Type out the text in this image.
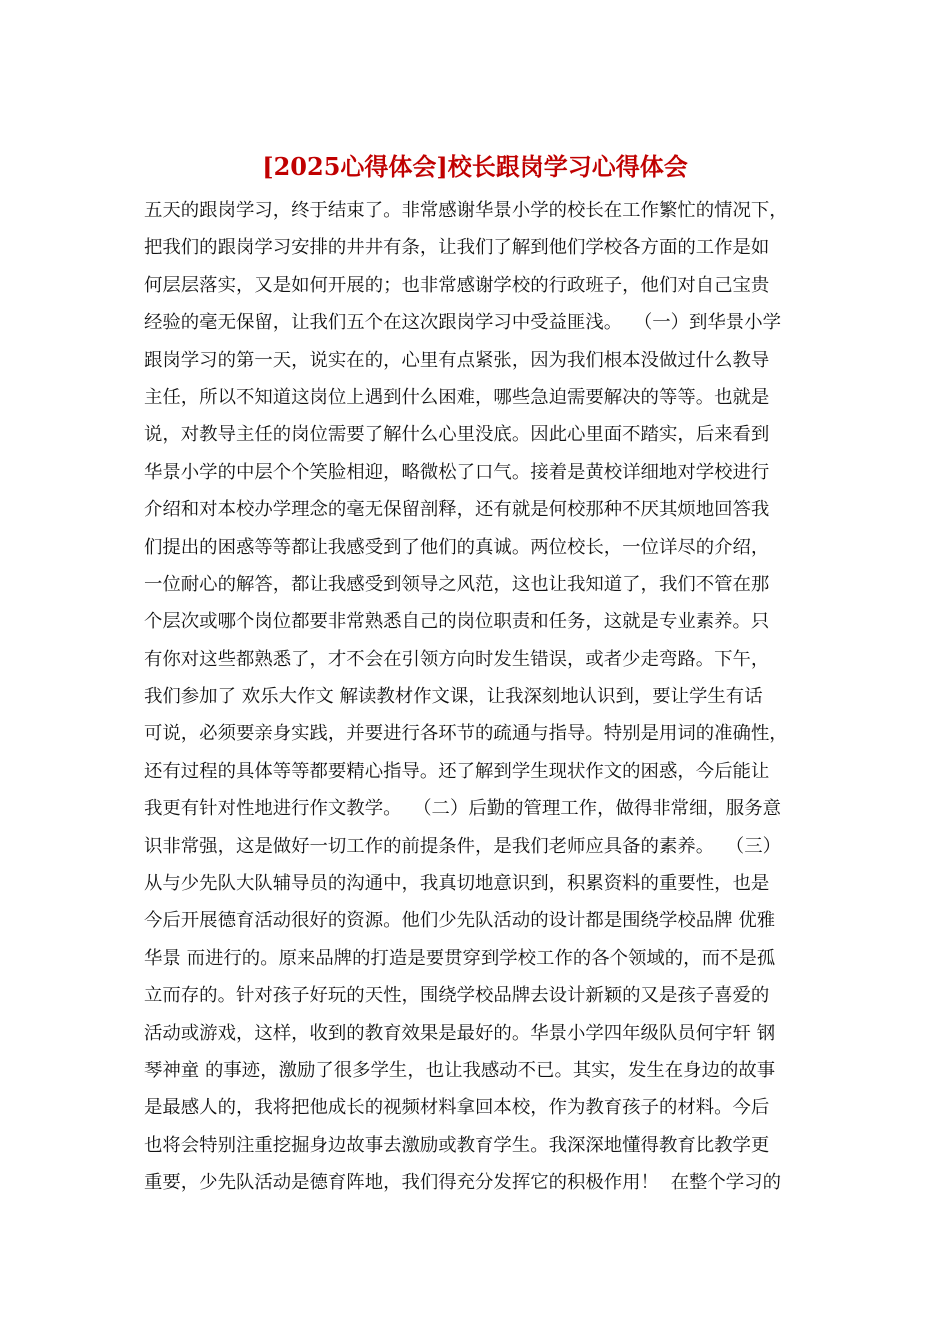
[2025心得体会]校长跟岗学习心得体会
五天的跟岗学习，终于结束了。非常感谢华景小学的校长在工作繁忙的情况下，
把我们的跟岗学习安排的井井有条，让我们了解到他们学校各方面的工作是如
何层层落实，又是如何开展的；也非常感谢学校的行政班子，他们对自己宝贵
经验的毫无保留，让我们五个在这次跟岗学习中受益匪浅。  （一）到华景小学
跟岗学习的第一天，说实在的，心里有点紧张，因为我们根本没做过什么教导
主任，所以不知道这岗位上遇到什么困难，哪些急迫需要解决的等等。也就是
说，对教导主任的岗位需要了解什么心里没底。因此心里面不踏实，后来看到
华景小学的中层个个笑脸相迎，略微松了口气。接着是黄校详细地对学校进行
介绍和对本校办学理念的毫无保留剖释，还有就是何校那种不厌其烦地回答我
们提出的困惑等等都让我感受到了他们的真诚。两位校长，一位详尽的介绍，
一位耐心的解答，都让我感受到领导之风范，这也让我知道了，我们不管在那
个层次或哪个岗位都要非常熟悉自己的岗位职责和任务，这就是专业素养。只
有你对这些都熟悉了，才不会在引领方向时发生错误，或者少走弯路。下午，
我们参加了 欢乐大作文 解读教材作文课，让我深刻地认识到，要让学生有话
可说，必须要亲身实践，并要进行各环节的疏通与指导。特别是用词的准确性，
还有过程的具体等等都要精心指导。还了解到学生现状作文的困惑，今后能让
我更有针对性地进行作文教学。  （二）后勤的管理工作，做得非常细，服务意
识非常强，这是做好一切工作的前提条件，是我们老师应具备的素养。  （三）
从与少先队大队辅导员的沟通中，我真切地意识到，积累资料的重要性，也是
今后开展德育活动很好的资源。他们少先队活动的设计都是围绕学校品牌 优雅
华景 而进行的。原来品牌的打造是要贯穿到学校工作的各个领域的，而不是孤
立而存的。针对孩子好玩的天性，围绕学校品牌去设计新颖的又是孩子喜爱的
活动或游戏，这样，收到的教育效果是最好的。华景小学四年级队员何宇轩 钢
琴神童 的事迹，激励了很多学生，也让我感动不已。其实，发生在身边的故事
是最感人的，我将把他成长的视频材料拿回本校，作为教育孩子的材料。今后
也将会特别注重挖掘身边故事去激励或教育学生。我深深地懂得教育比教学更
重要，少先队活动是德育阵地，我们得充分发挥它的积极作用！  在整个学习的
